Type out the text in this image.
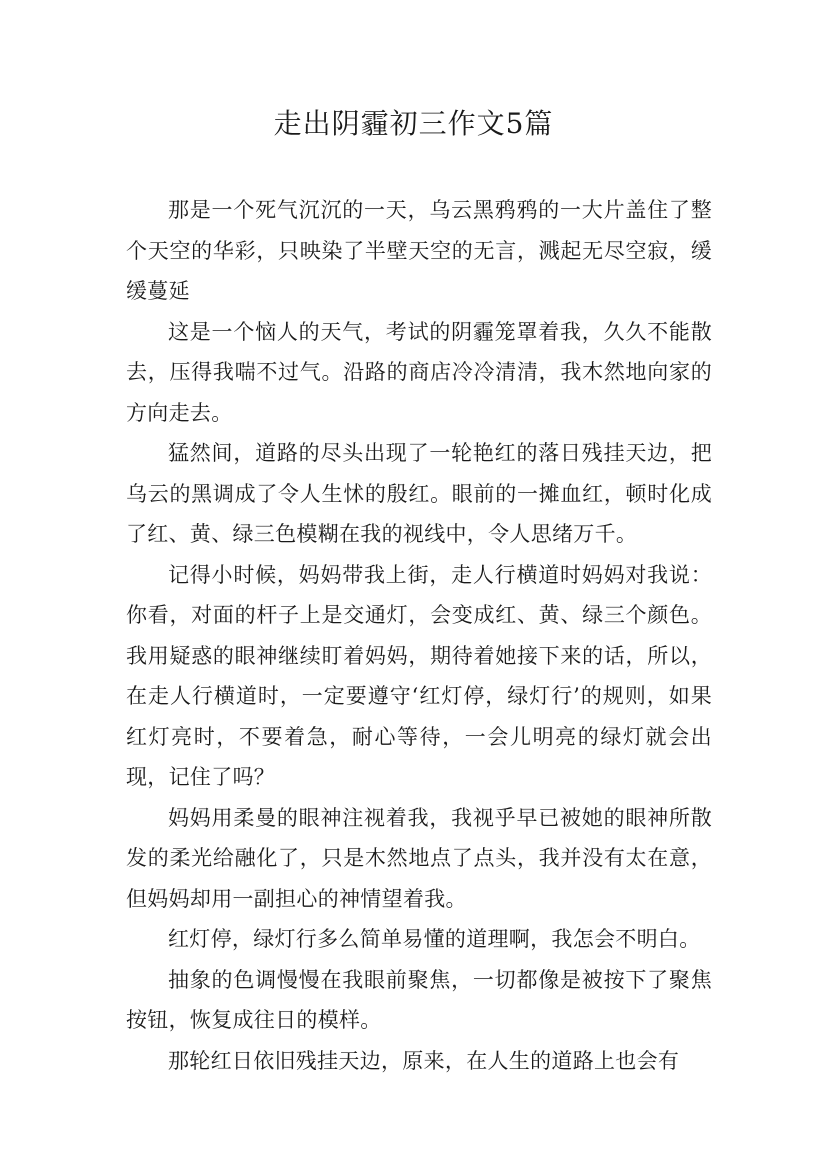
走出阴霾初三作文5篇

那是一个死气沉沉的一天，乌云黑鸦鸦的一大片盖住了整个天空的华彩，只映染了半壁天空的无言，溅起无尽空寂，缓缓蔓延

这是一个恼人的天气，考试的阴霾笼罩着我，久久不能散去，压得我喘不过气。沿路的商店冷冷清清，我木然地向家的方向走去。

猛然间，道路的尽头出现了一轮艳红的落日残挂天边，把乌云的黑调成了令人生怵的殷红。眼前的一摊血红，顿时化成了红、黄、绿三色模糊在我的视线中，令人思绪万千。

记得小时候，妈妈带我上街，走人行横道时妈妈对我说：你看，对面的杆子上是交通灯，会变成红、黄、绿三个颜色。我用疑惑的眼神继续盯着妈妈，期待着她接下来的话，所以，在走人行横道时，一定要遵守‘红灯停，绿灯行’的规则，如果红灯亮时，不要着急，耐心等待，一会儿明亮的绿灯就会出现，记住了吗？

妈妈用柔曼的眼神注视着我，我视乎早已被她的眼神所散发的柔光给融化了，只是木然地点了点头，我并没有太在意，但妈妈却用一副担心的神情望着我。

红灯停，绿灯行多么简单易懂的道理啊，我怎会不明白。

抽象的色调慢慢在我眼前聚焦，一切都像是被按下了聚焦按钮，恢复成往日的模样。

那轮红日依旧残挂天边，原来，在人生的道路上也会有
